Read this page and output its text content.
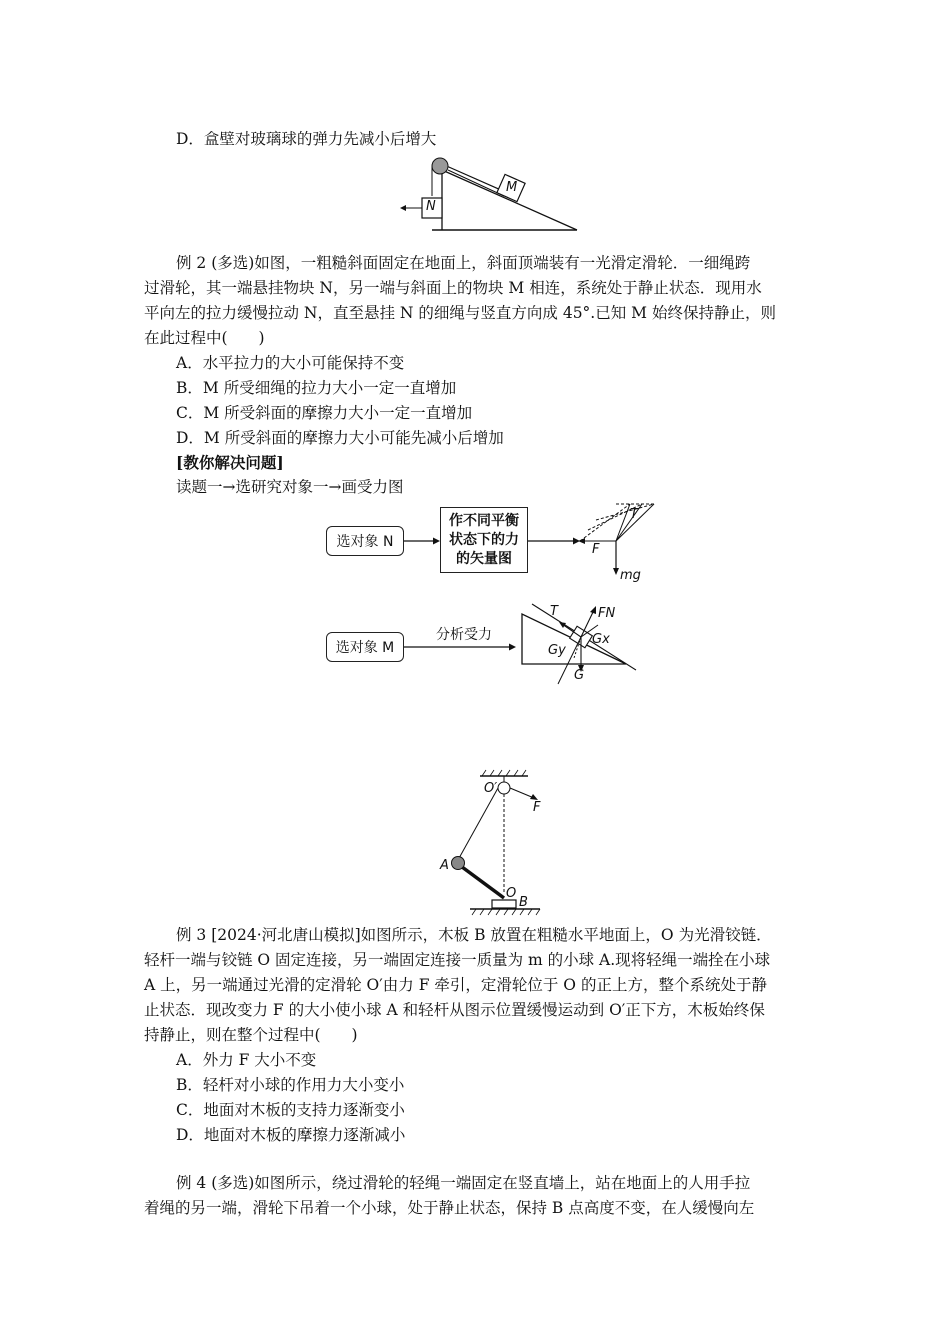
D．盒壁对玻璃球的弹力先减小后增大
N
M
例 2 (多选)如图，一粗糙斜面固定在地面上，斜面顶端装有一光滑定滑轮．一细绳跨
过滑轮，其一端悬挂物块 N，另一端与斜面上的物块 M 相连，系统处于静止状态．现用水
平向左的拉力缓慢拉动 N，直至悬挂 N 的细绳与竖直方向成 45°.已知 M 始终保持静止，则
在此过程中(　　)
A．水平拉力的大小可能保持不变
B．M 所受细绳的拉力大小一定一直增加
C．M 所受斜面的摩擦力大小一定一直增加
D．M 所受斜面的摩擦力大小可能先减小后增加
[教你解决问题]
读题一→选研究对象一→画受力图
选对象 N
作不同平衡
状态下的力
的矢量图
T
F
mg
选对象 M
分析受力
T	FN
Gx
Gy
G
O′
F
A
O
B
例 3 [2024·河北唐山模拟]如图所示，木板 B 放置在粗糙水平地面上，O 为光滑铰链．
轻杆一端与铰链 O 固定连接，另一端固定连接一质量为 m 的小球 A.现将轻绳一端拴在小球
A 上，另一端通过光滑的定滑轮 O′由力 F 牵引，定滑轮位于 O 的正上方，整个系统处于静
止状态．现改变力 F 的大小使小球 A 和轻杆从图示位置缓慢运动到 O′正下方，木板始终保
持静止，则在整个过程中(　　)
A．外力 F 大小不变
B．轻杆对小球的作用力大小变小
C．地面对木板的支持力逐渐变小
D．地面对木板的摩擦力逐渐减小
例 4 (多选)如图所示，绕过滑轮的轻绳一端固定在竖直墙上，站在地面上的人用手拉
着绳的另一端，滑轮下吊着一个小球，处于静止状态，保持 B 点高度不变，在人缓慢向左
